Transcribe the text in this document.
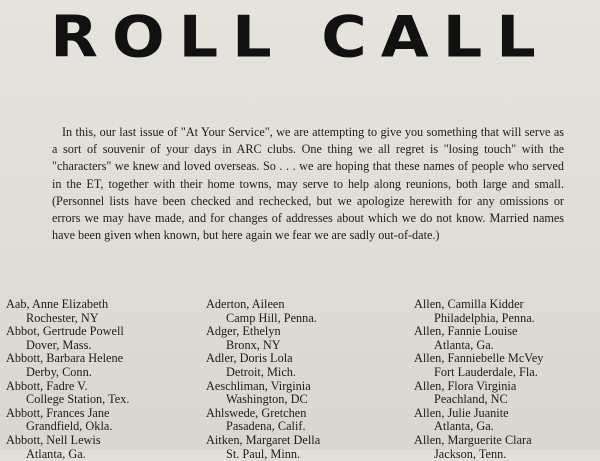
ROLL CALL

In this, our last issue of "At Your Service", we are attempting to give you something that will serve as a sort of souvenir of your days in ARC clubs. One thing we all regret is "losing touch" with the "characters" we knew and loved overseas. So . . . we are hoping that these names of people who served in the ET, together with their home towns, may serve to help along reunions, both large and small. (Personnel lists have been checked and rechecked, but we apologize herewith for any omissions or errors we may have made, and for changes of addresses about which we do not know. Married names have been given when known, but here again we fear we are sadly out-of-date.)

Aab, Anne Elizabeth
Rochester, NY
Abbot, Gertrude Powell
Dover, Mass.
Abbott, Barbara Helene
Derby, Conn.
Abbott, Fadre V.
College Station, Tex.
Abbott, Frances Jane
Grandfield, Okla.
Abbott, Nell Lewis
Atlanta, Ga.
Aderton, Aileen
Camp Hill, Penna.
Adger, Ethelyn
Bronx, NY
Adler, Doris Lola
Detroit, Mich.
Aeschliman, Virginia
Washington, DC
Ahlswede, Gretchen
Pasadena, Calif.
Aitken, Margaret Della
St. Paul, Minn.
Allen, Camilla Kidder
Philadelphia, Penna.
Allen, Fannie Louise
Atlanta, Ga.
Allen, Fanniebelle McVey
Fort Lauderdale, Fla.
Allen, Flora Virginia
Peachland, NC
Allen, Julie Juanite
Atlanta, Ga.
Allen, Marguerite Clara
Jackson, Tenn.
